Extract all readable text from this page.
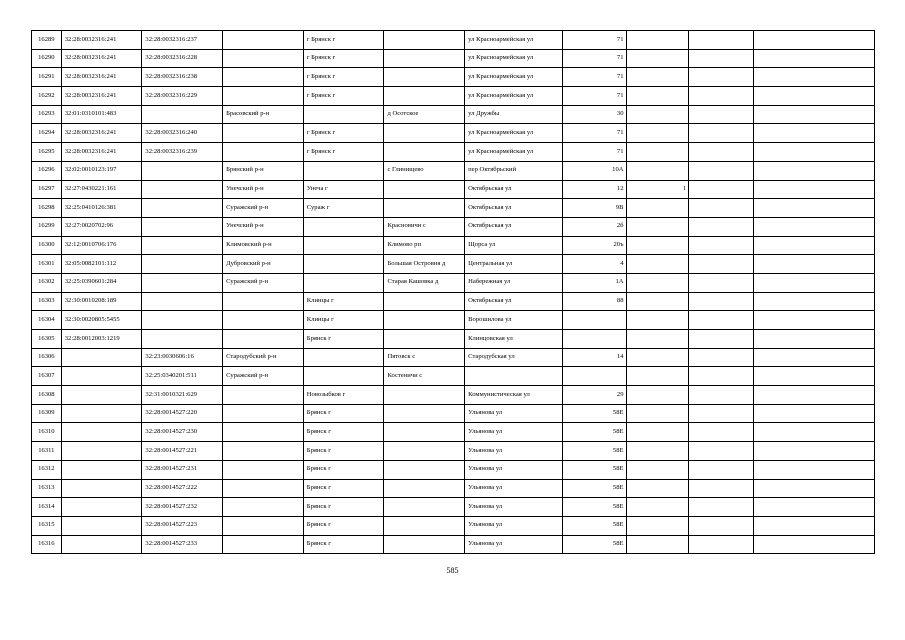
16289	32:28:0032316:241	32:28:0032316:237		г Брянск г		ул Красноармейская ул	71			
16290	32:28:0032316:241	32:28:0032316:228		г Брянск г		ул Красноармейская ул	71			
16291	32:28:0032316:241	32:28:0032316:238		г Брянск г		ул Красноармейская ул	71			
16292	32:28:0032316:241	32:28:0032316:229		г Брянск г		ул Красноармейская ул	71			
16293	32:01:0310101:483		Брасовский р-н		д Осотское	ул Дружбы	30			
16294	32:28:0032316:241	32:28:0032316:240		г Брянск г		ул Красноармейская ул	71			
16295	32:28:0032316:241	32:28:0032316:239		г Брянск г		ул Красноармейская ул	71			
16296	32:02:0010123:197		Брянский р-н		с Глинищево	пер Октябрьский	10А			
16297	32:27:0430221:161		Унечский р-н	Унеча г		Октябрьская ул	12	1		
16298	32:25:0410126:381		Суражский р-н	Сураж г		Октябрьская ул	9В			
16299	32:27:0020702:96		Унечский р-н		Красновичи с	Октябрьская ул	2б			
16300	32:12:0010706:176		Климовский р-н		Климово рп	Щорса ул	20ъ			
16301	32:05:0082101:112		Дубровский р-н		Большая Островня д	Центральная ул	4			
16302	32:25:0390601:284		Суражский р-н		Старая Кашовка д	Набережная ул	1А			
16303	32:30:0010208:189			Клинцы г		Октябрьская ул	88			
16304	32:30:0020805:5455			Клинцы г		Ворошилова ул				
16305	32:28:0012003:1219			Брянск г		Клинцовская ул				
16306		32:23:0030606:16	Стародубский р-н		Пятовск с	Стародубская ул	14			
16307		32:25:0340201:511	Суражский р-н		Костеничи с					
16308		32:31:0010321:629		Новозыбков г		Коммунистическая ул	29			
16309		32:28:0014527:220		Брянск г		Ульянова ул	58Е			
16310		32:28:0014527:230		Брянск г		Ульянова ул	58Е			
16311		32:28:0014527:221		Брянск г		Ульянова ул	58Е			
16312		32:28:0014527:231		Брянск г		Ульянова ул	58Е			
16313		32:28:0014527:222		Брянск г		Ульянова ул	58Е			
16314		32:28:0014527:232		Брянск г		Ульянова ул	58Е			
16315		32:28:0014527:223		Брянск г		Ульянова ул	58Е			
16316		32:28:0014527:233		Брянск г		Ульянова ул	58Е			
585
